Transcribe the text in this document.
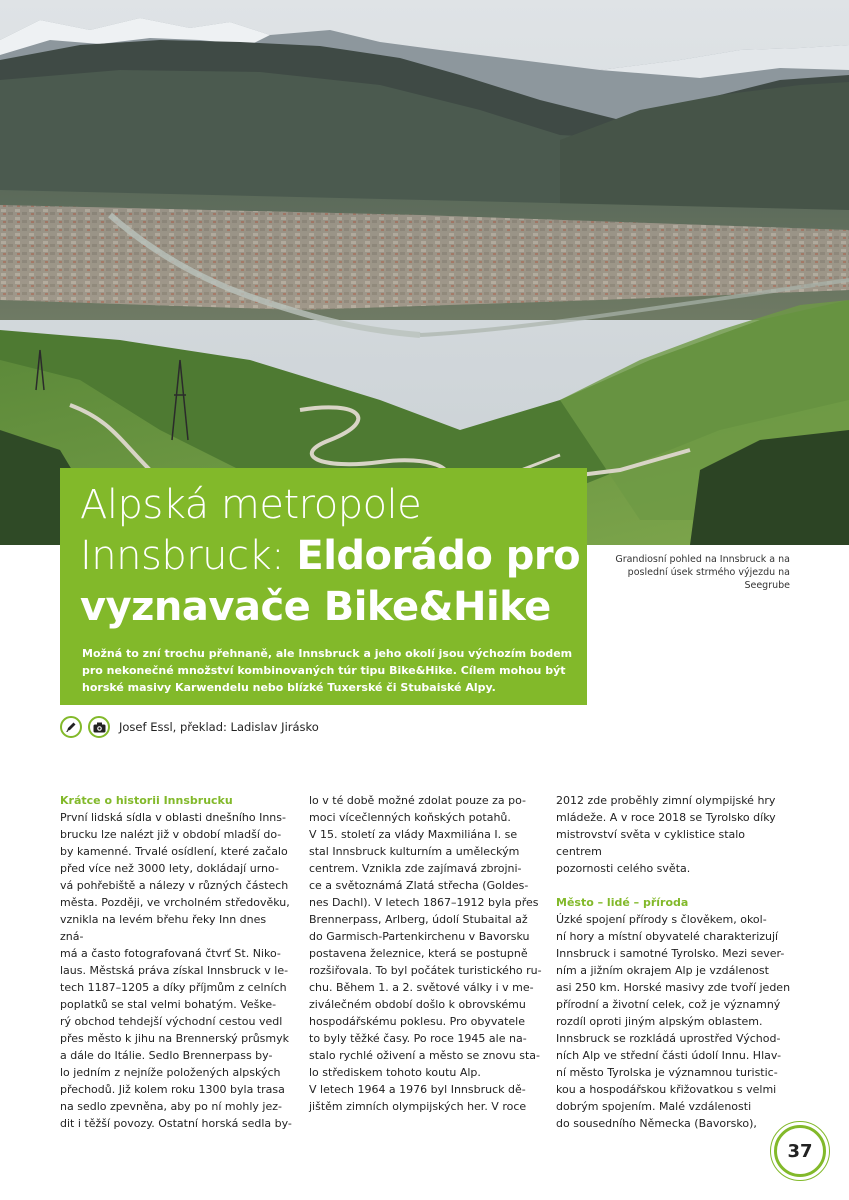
Alpská metropole
Innsbruck: Eldorádo pro
vyznavače Bike&Hike

Možná to zní trochu přehnaně, ale Innsbruck a jeho okolí jsou výchozím bodem pro nekonečné množství kombinovaných túr tipu Bike&Hike. Cílem mohou být horské masivy Karwendelu nebo blízké Tuxerské či Stubaiské Alpy.

Grandiosní pohled na Innsbruck a na poslední úsek strmého výjezdu na Seegrube
Josef Essl, překlad: Ladislav Jirásko
Krátce o historii Innsbrucku

První lidská sídla v oblasti dnešního Inns-
brucku lze nalézt již v období mladší do-
by kamenné. Trvalé osídlení, které začalo
před více než 3000 lety, dokládají urno-
vá pohřebiště a nálezy v různých částech
města. Později, ve vrcholném středověku,
vznikla na levém břehu řeky Inn dnes zná-
má a často fotografovaná čtvrť St. Niko-
laus. Městská práva získal Innsbruck v le-
tech 1187–1205 a díky příjmům z celních
poplatků se stal velmi bohatým. Veške-
rý obchod tehdejší východní cestou vedl
přes město k jihu na Brennerský průsmyk
a dále do Itálie. Sedlo Brennerpass by-
lo jedním z nejníže položených alpských
přechodů. Již kolem roku 1300 byla trasa
na sedlo zpevněna, aby po ní mohly jez-
dit i těžší povozy. Ostatní horská sedla by-

lo v té době možné zdolat pouze za po-
moci vícečlenných koňských potahů.
V 15. století za vlády Maxmiliána I. se
stal Innsbruck kulturním a uměleckým
centrem. Vznikla zde zajímavá zbrojni-
ce a světoznámá Zlatá střecha (Goldes-
nes Dachl). V letech 1867–1912 byla přes
Brennerpass, Arlberg, údolí Stubaital až
do Garmisch-Partenkirchenu v Bavorsku
postavena železnice, která se postupně
rozšiřovala. To byl počátek turistického ru-
chu. Během 1. a 2. světové války i v me-
ziválečném období došlo k obrovskému
hospodářskému poklesu. Pro obyvatele
to byly těžké časy. Po roce 1945 ale na-
stalo rychlé oživení a město se znovu sta-
lo střediskem tohoto koutu Alp.
V letech 1964 a 1976 byl Innsbruck dě-
jištěm zimních olympijských her. V roce

2012 zde proběhly zimní olympijské hry
mládeže. A v roce 2018 se Tyrolsko díky
mistrovství světa v cyklistice stalo centrem
pozornosti celého světa.

Město – lidé – příroda

Úzké spojení přírody s člověkem, okol-
ní hory a místní obyvatelé charakterizují
Innsbruck i samotné Tyrolsko. Mezi sever-
ním a jižním okrajem Alp je vzdálenost
asi 250 km. Horské masivy zde tvoří jeden
přírodní a životní celek, což je významný
rozdíl oproti jiným alpským oblastem.
Innsbruck se rozkládá uprostřed Východ-
ních Alp ve střední části údolí Innu. Hlav-
ní město Tyrolska je významnou turistic-
kou a hospodářskou křižovatkou s velmi
dobrým spojením. Malé vzdálenosti
do sousedního Německa (Bavorsko),

37
